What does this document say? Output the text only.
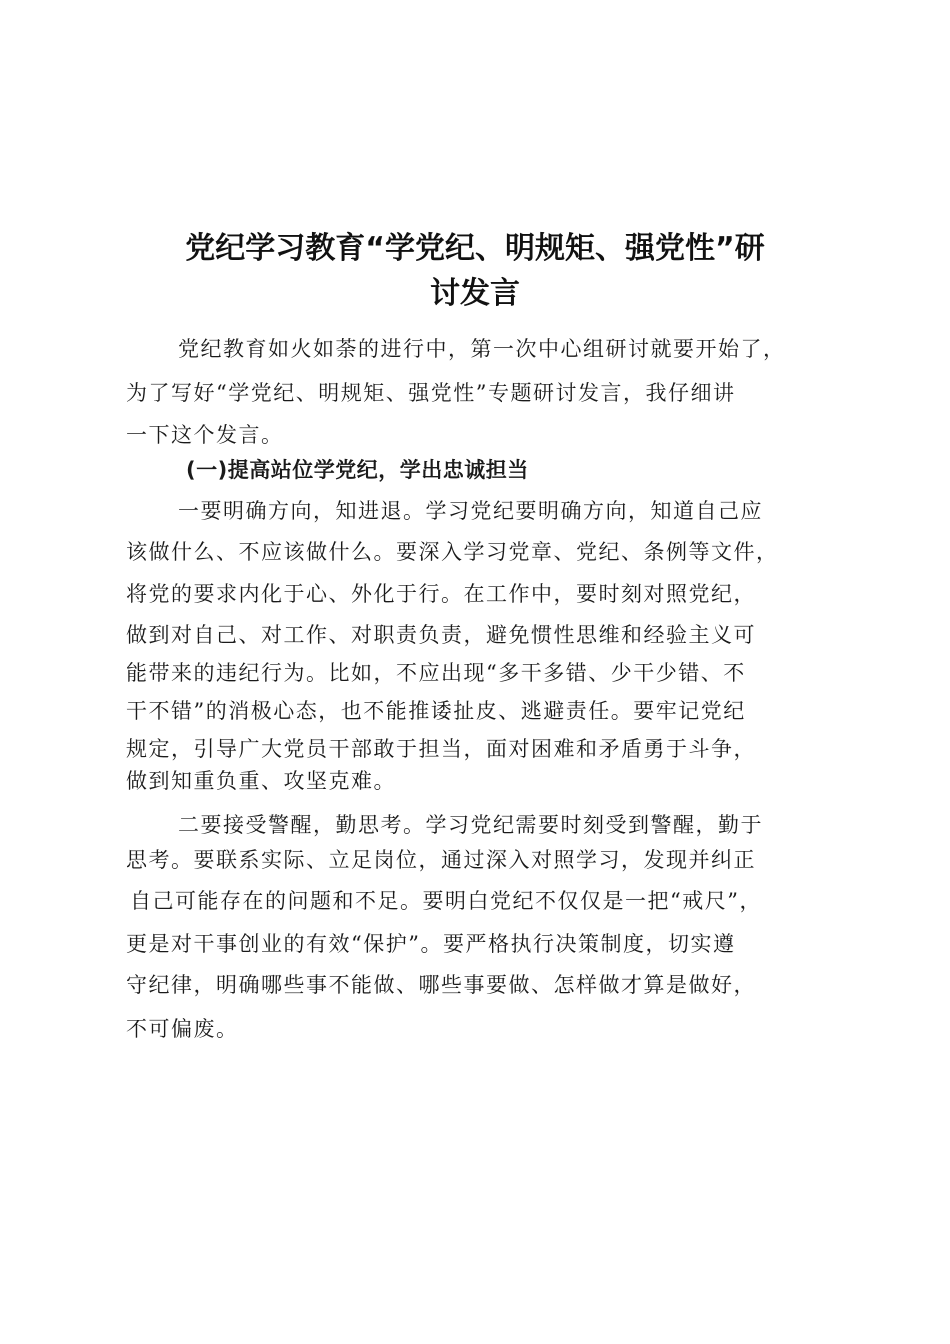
党纪学习教育“学党纪、明规矩、强党性”研
讨发言

党纪教育如火如荼的进行中，第一次中心组研讨就要开始了，

为了写好“学党纪、明规矩、强党性”专题研讨发言，我仔细讲

一下这个发言。

(一)提高站位学党纪，学出忠诚担当

一要明确方向，知进退。学习党纪要明确方向，知道自己应

该做什么、不应该做什么。要深入学习党章、党纪、条例等文件，

将党的要求内化于心、外化于行。在工作中，要时刻对照党纪，

做到对自己、对工作、对职责负责，避免惯性思维和经验主义可

能带来的违纪行为。比如，不应出现“多干多错、少干少错、不

干不错”的消极心态，也不能推诿扯皮、逃避责任。要牢记党纪

规定，引导广大党员干部敢于担当，面对困难和矛盾勇于斗争，

做到知重负重、攻坚克难。

二要接受警醒，勤思考。学习党纪需要时刻受到警醒，勤于

思考。要联系实际、立足岗位，通过深入对照学习，发现并纠正

自己可能存在的问题和不足。要明白党纪不仅仅是一把“戒尺”，

更是对干事创业的有效“保护”。要严格执行决策制度，切实遵

守纪律，明确哪些事不能做、哪些事要做、怎样做才算是做好，

不可偏废。
